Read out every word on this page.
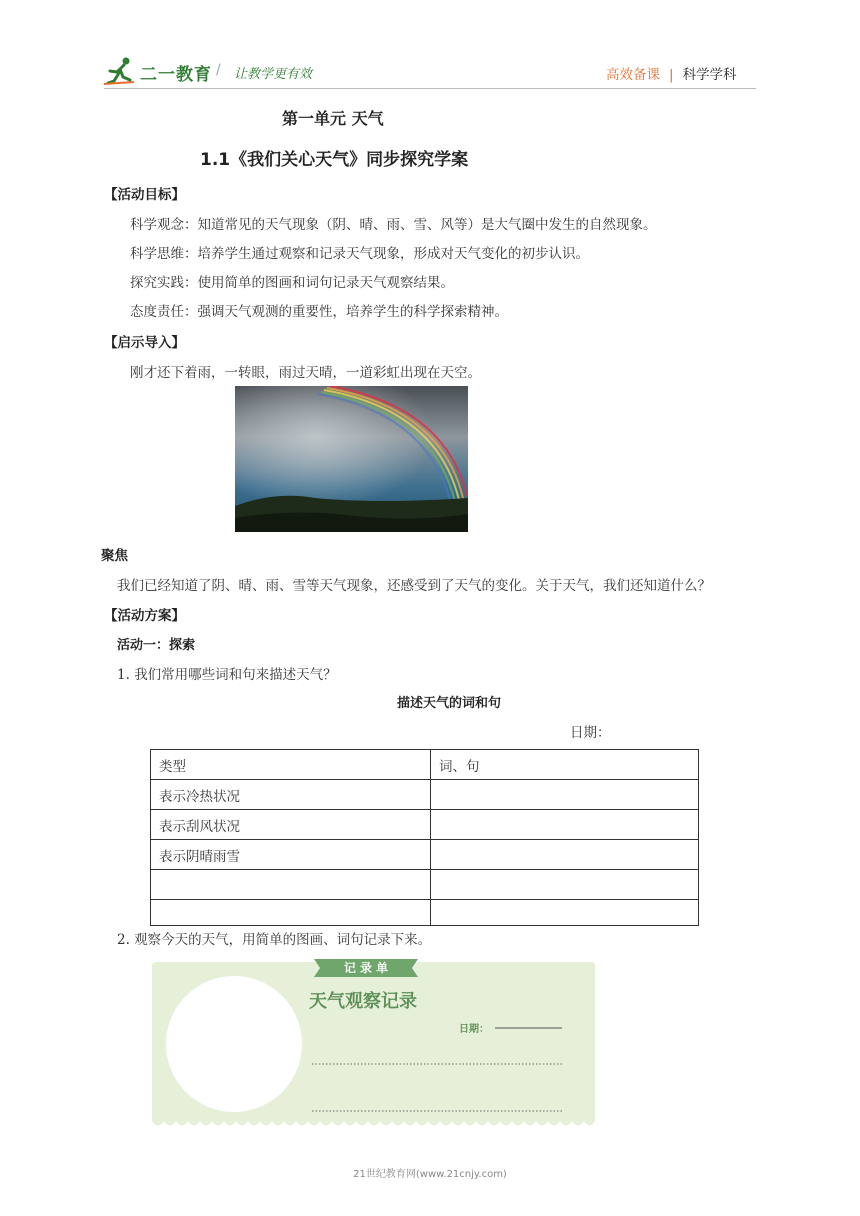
二一教育 / 让教学更有效	高效备课 | 科学学科
第一单元 天气
1.1《我们关心天气》同步探究学案
【活动目标】
科学观念：知道常见的天气现象（阴、晴、雨、雪、风等）是大气圈中发生的自然现象。
科学思维：培养学生通过观察和记录天气现象，形成对天气变化的初步认识。
探究实践：使用简单的图画和词句记录天气观察结果。
态度责任：强调天气观测的重要性，培养学生的科学探索精神。
【启示导入】
刚才还下着雨，一转眼，雨过天晴，一道彩虹出现在天空。
聚焦
我们已经知道了阴、晴、雨、雪等天气现象，还感受到了天气的变化。关于天气，我们还知道什么？
【活动方案】
活动一：探索
1. 我们常用哪些词和句来描述天气？
描述天气的词和句
日期：
类型	词、句
表示冷热状况	
表示刮风状况	
表示阴晴雨雪	

2. 观察今天的天气，用简单的图画、词句记录下来。
记 录 单
天气观察记录
日期：
21世纪教育网(www.21cnjy.com)
